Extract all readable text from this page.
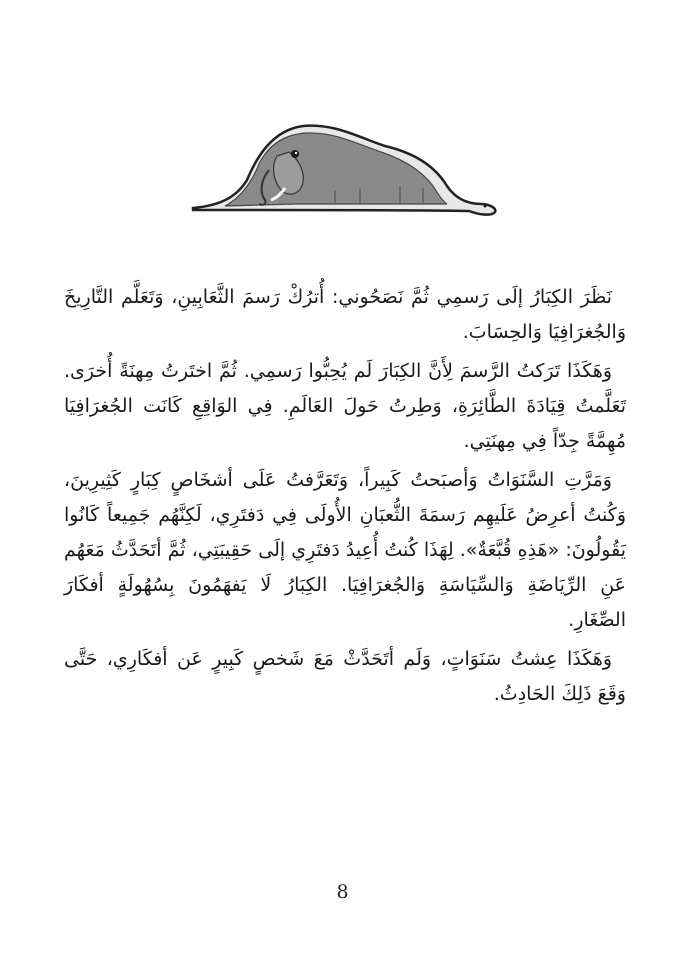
نَظَرَ الكِبَارُ إلَى رَسمِي ثُمَّ نَصَحُوني: أُترُكْ رَسمَ الثَّعَابِينِ، وَتَعَلَّم التَّارِيخَ وَالجُغرَافِيَا وَالحِسَابَ.

وَهَكَذَا تَرَكتُ الرَّسمَ لِأَنَّ الكِبَارَ لَم يُحِبُّوا رَسمِي. ثُمَّ اختَرتُ مِهنَةً أُخرَى. تَعَلَّمتُ قِيَادَةَ الطَّائِرَةِ، وَطِرتُ حَولَ العَالَمِ. فِي الوَاقِعِ كَانَت الجُغرَافِيَا مُهِمَّةً جِدّاً فِي مِهنَتِي.

وَمَرَّتِ السَّنَوَاتُ وَأصبَحتُ كَبِيراً، وَتَعَرَّفتُ عَلَى أشخَاصٍ كِبَارٍ كَثِيرِينَ، وَكُنتُ أعرِضُ عَلَيهِم رَسمَةَ الثُّعبَانِ الأُولَى فِي دَفتَرِي، لَكِنَّهُم جَمِيعاً كَانُوا يَقُولُونَ: «هَذِهِ قُبَّعَةٌ». لِهَذَا كُنتُ أُعِيدُ دَفتَرِي إلَى حَقِيبَتِي، ثُمَّ أتَحَدَّثُ مَعَهُم عَنِ الرِّيَاضَةِ وَالسِّيَاسَةِ وَالجُغرَافِيَا. الكِبَارُ لَا يَفهَمُونَ بِسُهُولَةٍ أفكَارَ الصِّغَارِ.

وَهَكَذَا عِشتُ سَنَوَاتٍ، وَلَم أتَحَدَّثْ مَعَ شَخصٍ كَبِيرٍ عَن أفكَارِي، حَتَّى وَقَعَ ذَلِكَ الحَادِثُ.

8
